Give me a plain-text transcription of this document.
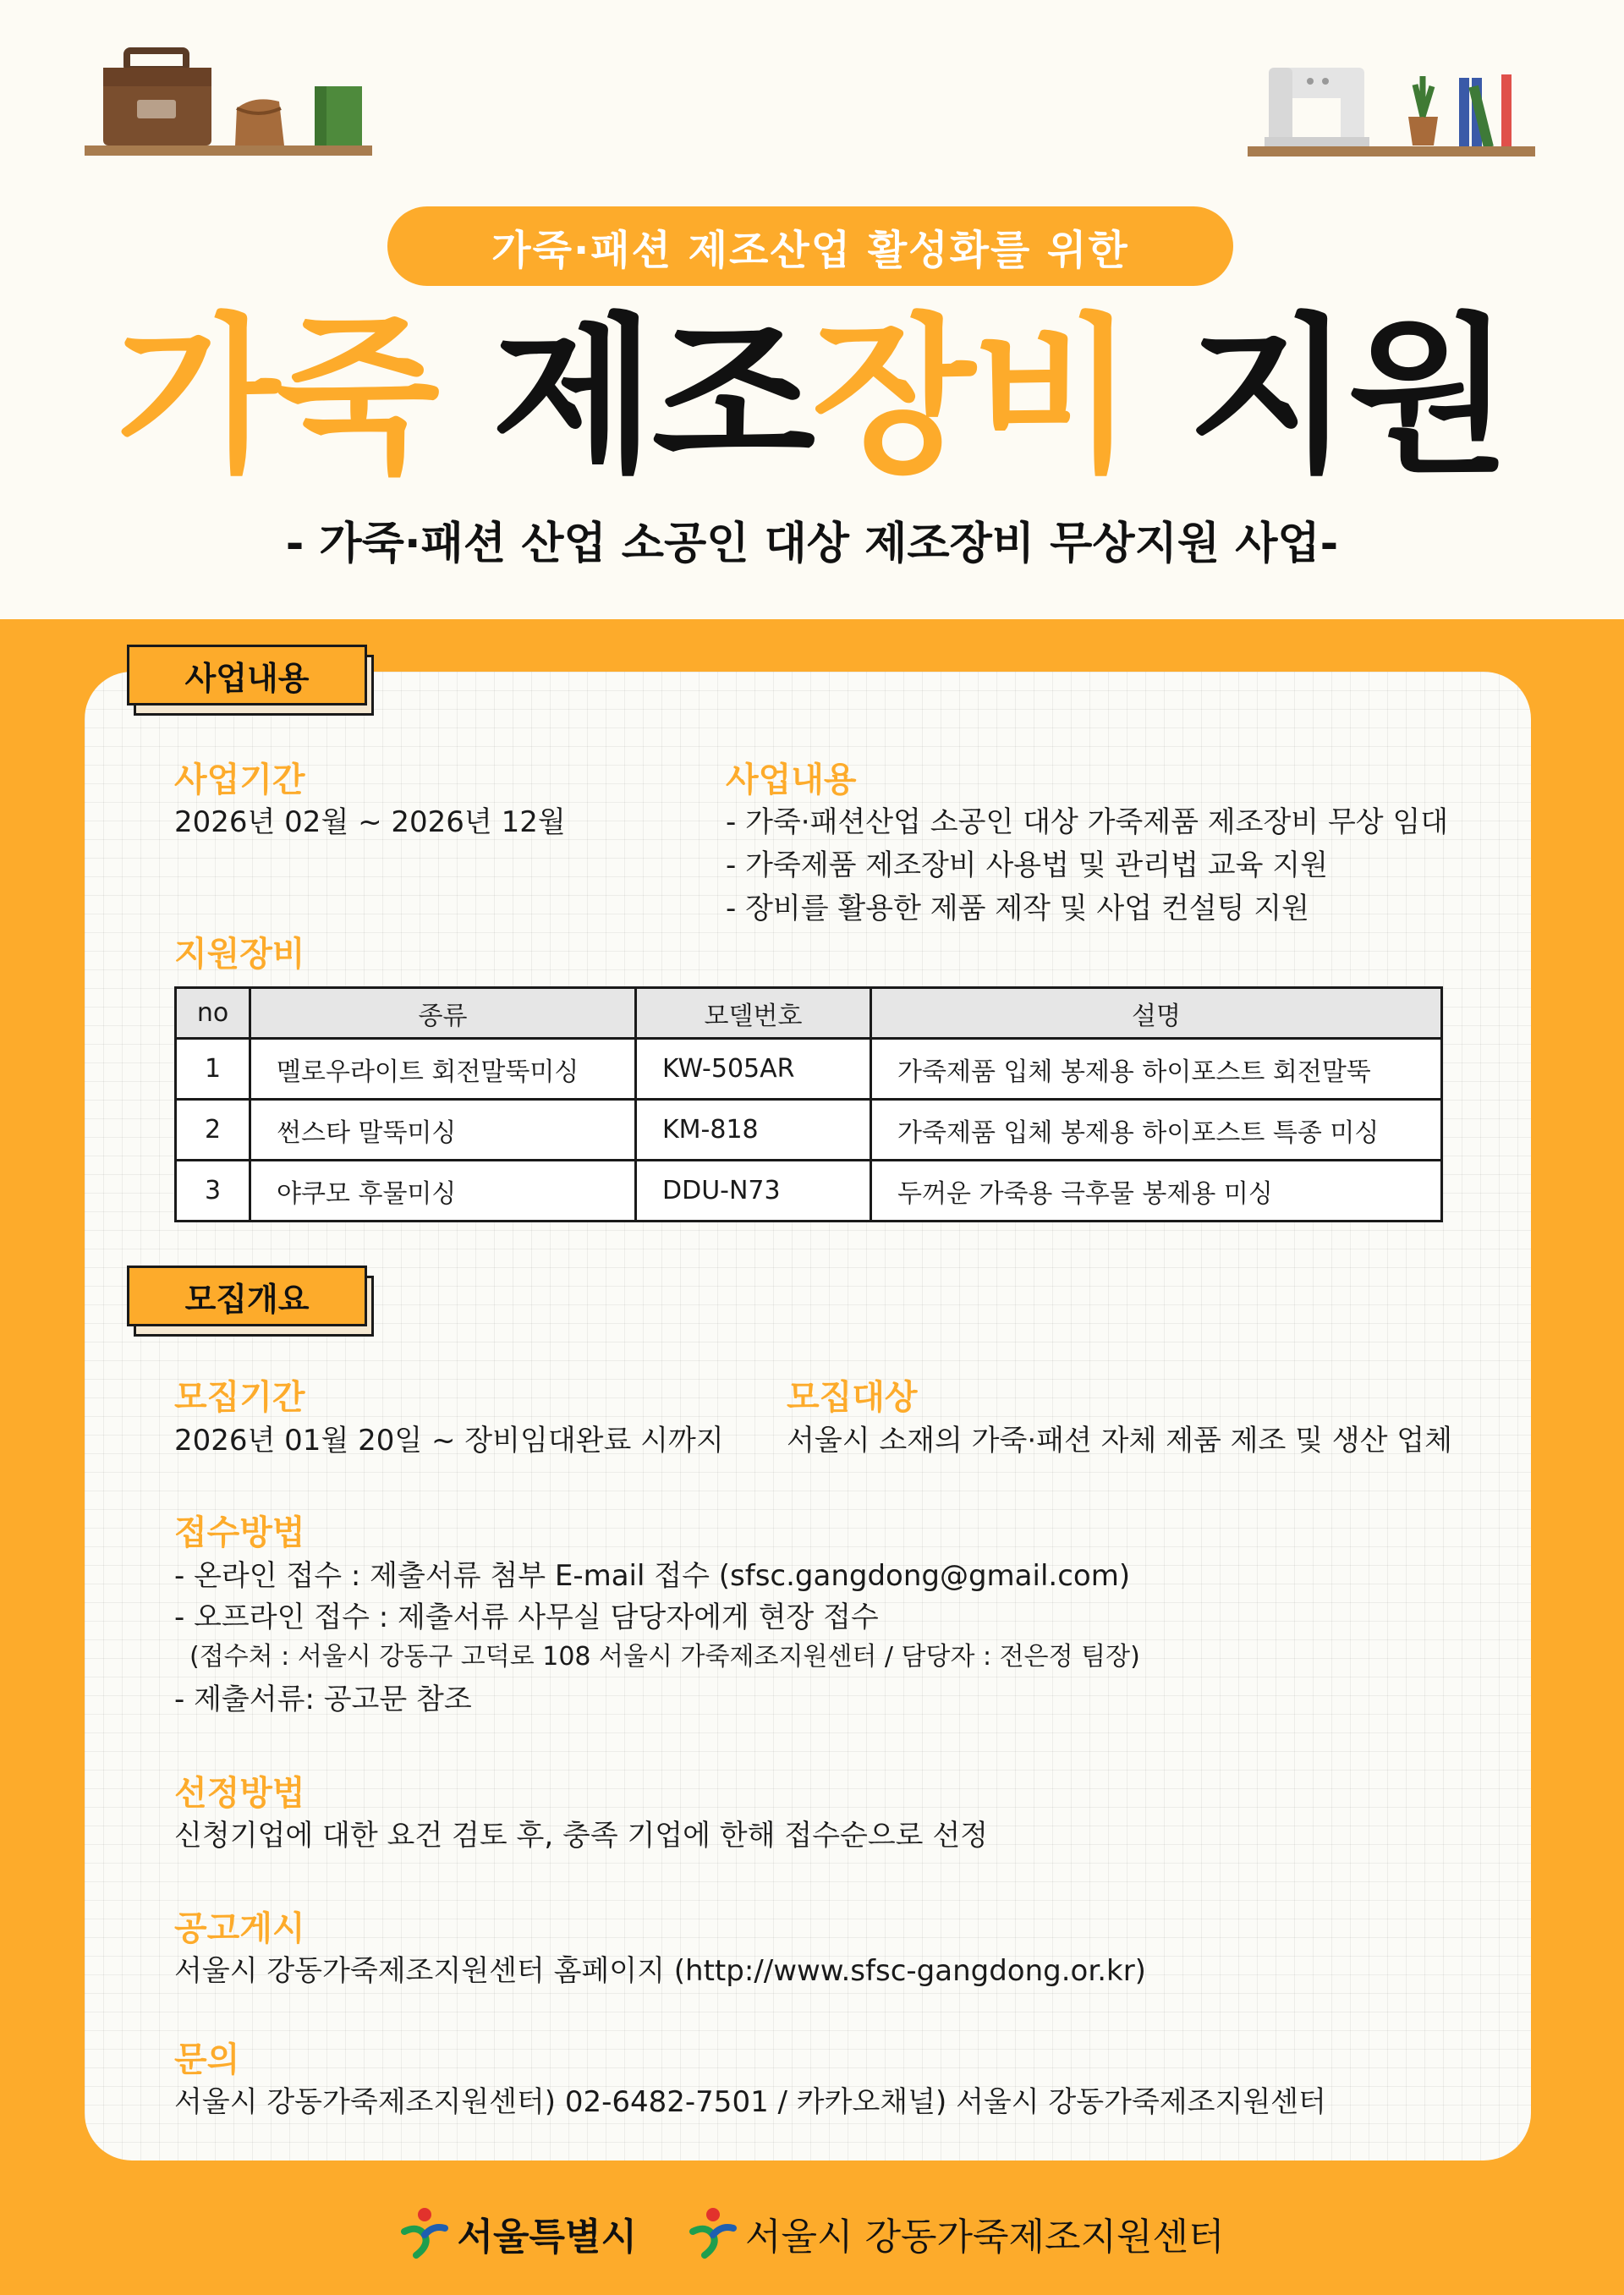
가죽·패션 제조산업 활성화를 위한
가죽 제조장비 지원
- 가죽·패션 산업 소공인 대상 제조장비 무상지원 사업-
사업내용
사업기간
2026년 02월 ~ 2026년 12월
사업내용
- 가죽·패션산업 소공인 대상 가죽제품 제조장비 무상 임대
- 가죽제품 제조장비 사용법 및 관리법 교육 지원
- 장비를 활용한 제품 제작 및 사업 컨설팅 지원
지원장비
no	종류	모델번호	설명
1	멜로우라이트 회전말뚝미싱	KW-505AR	가죽제품 입체 봉제용 하이포스트 회전말뚝
2	썬스타 말뚝미싱	KM-818	가죽제품 입체 봉제용 하이포스트 특종 미싱
3	야쿠모 후물미싱	DDU-N73	두꺼운 가죽용 극후물 봉제용 미싱
모집개요
모집기간
2026년 01월 20일 ~ 장비임대완료 시까지
모집대상
서울시 소재의 가죽·패션 자체 제품 제조 및 생산 업체
접수방법
- 온라인 접수 : 제출서류 첨부 E-mail 접수 (sfsc.gangdong@gmail.com)
- 오프라인 접수 : 제출서류 사무실 담당자에게 현장 접수
(접수처 : 서울시 강동구 고덕로 108 서울시 가죽제조지원센터 / 담당자 : 전은정 팀장)
- 제출서류: 공고문 참조
선정방법
신청기업에 대한 요건 검토 후, 충족 기업에 한해 접수순으로 선정
공고게시
서울시 강동가죽제조지원센터 홈페이지 (http://www.sfsc-gangdong.or.kr)
문의
서울시 강동가죽제조지원센터) 02-6482-7501 / 카카오채널) 서울시 강동가죽제조지원센터
서울특별시	서울시 강동가죽제조지원센터
